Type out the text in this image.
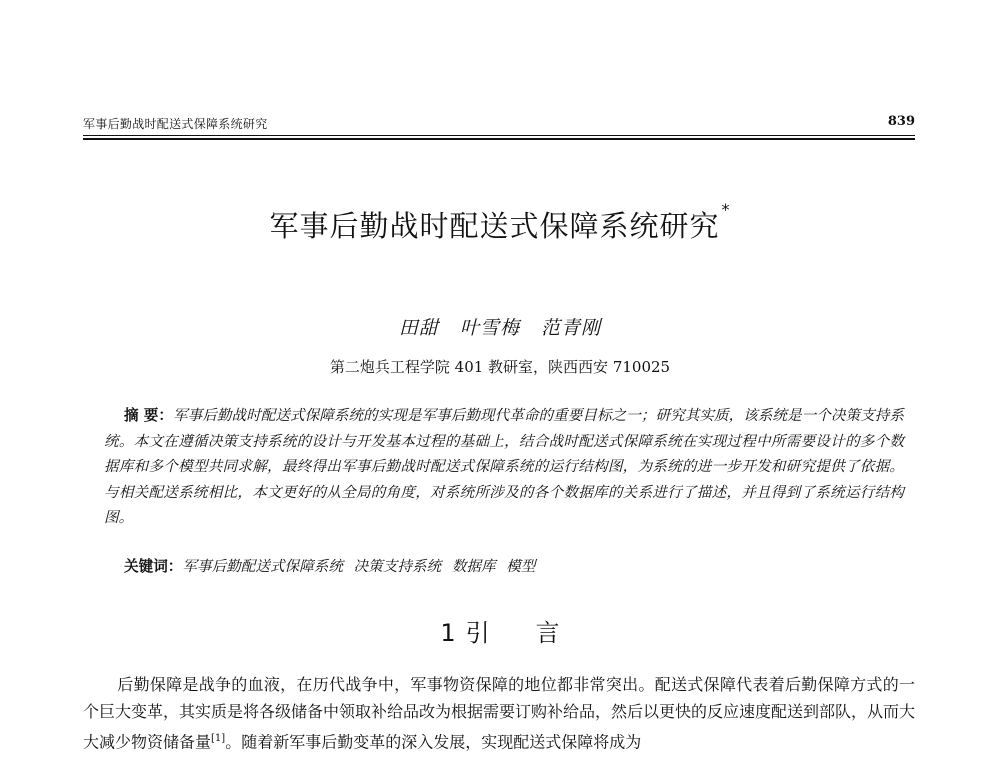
军事后勤战时配送式保障系统研究	839
军事后勤战时配送式保障系统研究 *
田甜 叶雪梅 范青刚
第二炮兵工程学院 401 教研室，陕西西安 710025
摘 要：军事后勤战时配送式保障系统的实现是军事后勤现代革命的重要目标之一；研究其实质，该系统是一个决策支持系统。本文在遵循决策支持系统的设计与开发基本过程的基础上，结合战时配送式保障系统在实现过程中所需要设计的多个数据库和多个模型共同求解，最终得出军事后勤战时配送式保障系统的运行结构图，为系统的进一步开发和研究提供了依据。与相关配送系统相比，本文更好的从全局的角度，对系统所涉及的各个数据库的关系进行了描述，并且得到了系统运行结构图。
关键词：军事后勤配送式保障系统 决策支持系统 数据库 模型
1 引言
后勤保障是战争的血液，在历代战争中，军事物资保障的地位都非常突出。配送式保障代表着后勤保障方式的一个巨大变革，其实质是将各级储备中领取补给品改为根据需要订购补给品，然后以更快的反应速度配送到部队，从而大大减少物资储备量[1]。随着新军事后勤变革的深入发展，实现配送式保障将成为
